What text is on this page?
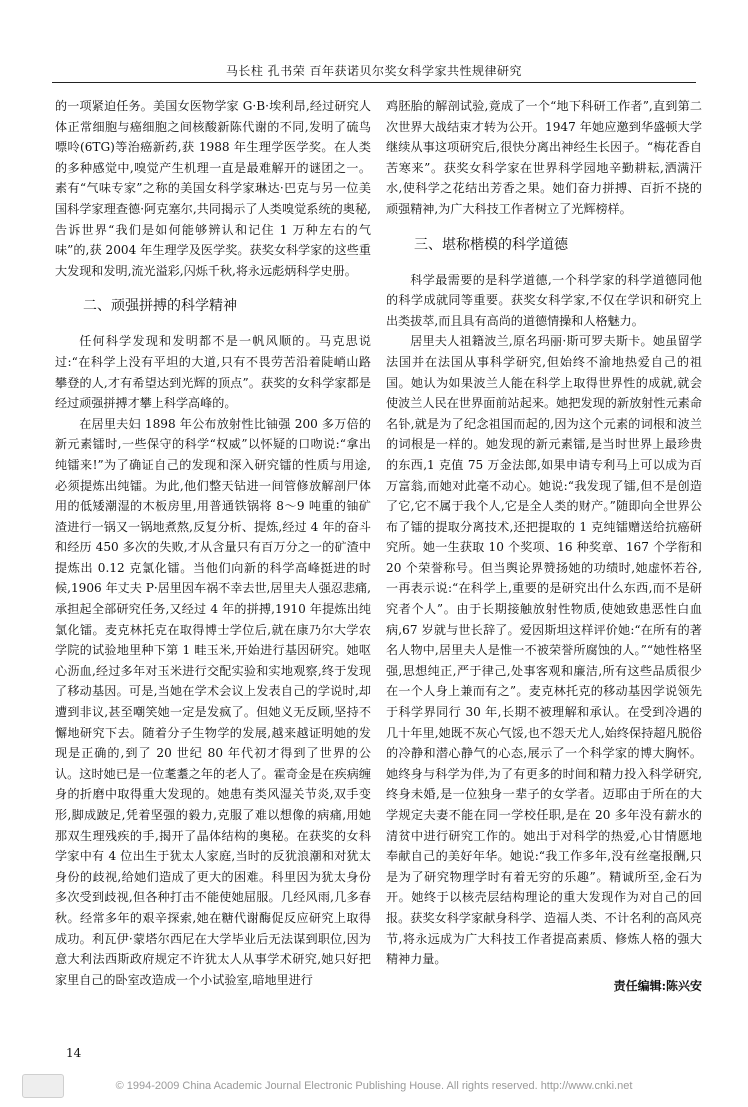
马长柱 孔书荣 百年获诺贝尔奖女科学家共性规律研究

的一项紧迫任务。美国女医物学家 G·B·埃利昂,经过研究人体正常细胞与癌细胞之间核酸新陈代谢的不同,发明了硫鸟嘌呤(6TG)等治癌新药,获 1988 年生理学医学奖。在人类的多种感觉中,嗅觉产生机理一直是最难解开的谜团之一。素有“气味专家”之称的美国女科学家琳达·巴克与另一位美国科学家理查德·阿克塞尔,共同揭示了人类嗅觉系统的奥秘,告诉世界“我们是如何能够辨认和记住 1 万种左右的气味”的,获 2004 年生理学及医学奖。获奖女科学家的这些重大发现和发明,流光溢彩,闪烁千秋,将永远彪炳科学史册。

二、顽强拼搏的科学精神

任何科学发现和发明都不是一帆风顺的。马克思说过:“在科学上没有平坦的大道,只有不畏劳苦沿着陡峭山路攀登的人,才有希望达到光辉的顶点”。获奖的女科学家都是经过顽强拼搏才攀上科学高峰的。

在居里夫妇 1898 年公布放射性比铀强 200 多万倍的新元素镭时,一些保守的科学“权威”以怀疑的口吻说:“拿出纯镭来!”为了确证自己的发现和深入研究镭的性质与用途,必须提炼出纯镭。为此,他们整天钻进一间管修放解剖尸体用的低矮潮湿的木板房里,用普通铁锅将 8～9 吨重的铀矿渣进行一锅又一锅地煮熬,反复分析、提炼,经过 4 年的奋斗和经历 450 多次的失败,才从含量只有百万分之一的矿渣中提炼出 0.12 克氯化镭。当他们向新的科学高峰挺进的时候,1906 年丈夫 P·居里因车祸不幸去世,居里夫人强忍悲痛,承担起全部研究任务,又经过 4 年的拼搏,1910 年提炼出纯氯化镭。麦克林托克在取得博士学位后,就在康乃尔大学农学院的试验地里种下第 1 畦玉米,开始进行基因研究。她呕心沥血,经过多年对玉米进行交配实验和实地观察,终于发现了移动基因。可是,当她在学术会议上发表自己的学说时,却遭到非议,甚至嘲笑她一定是发疯了。但她义无反顾,坚持不懈地研究下去。随着分子生物学的发展,越来越证明她的发现是正确的,到了 20 世纪 80 年代初才得到了世界的公认。这时她已是一位耄耋之年的老人了。霍奇金是在疾病缠身的折磨中取得重大发现的。她患有类风湿关节炎,双手变形,脚成跛足,凭着坚强的毅力,克服了难以想像的病痛,用她那双生理残疾的手,揭开了晶体结构的奥秘。在获奖的女科学家中有 4 位出生于犹太人家庭,当时的反犹浪潮和对犹太身份的歧视,给她们造成了更大的困难。科里因为犹太身份多次受到歧视,但各种打击不能使她屈服。几经风雨,几多春秋。经常多年的艰辛探索,她在糖代谢酶促反应研究上取得成功。利瓦伊·蒙塔尔西尼在大学毕业后无法谋到职位,因为意大利法西斯政府规定不许犹太人从事学术研究,她只好把家里自己的卧室改造成一个小试验室,暗地里进行

鸡胚胎的解剖试验,竟成了一个“地下科研工作者”,直到第二次世界大战结束才转为公开。1947 年她应邀到华盛顿大学继续从事这项研究后,很快分离出神经生长因子。“梅花香自苦寒来”。获奖女科学家在世界科学园地辛勤耕耘,洒满汗水,使科学之花结出芳香之果。她们奋力拼搏、百折不挠的顽强精神,为广大科技工作者树立了光辉榜样。

三、堪称楷模的科学道德

科学最需要的是科学道德,一个科学家的科学道德同他的科学成就同等重要。获奖女科学家,不仅在学识和研究上出类拔萃,而且具有高尚的道德情操和人格魅力。

居里夫人祖籍波兰,原名玛丽·斯可罗夫斯卡。她虽留学法国并在法国从事科学研究,但始终不渝地热爱自己的祖国。她认为如果波兰人能在科学上取得世界性的成就,就会使波兰人民在世界面前站起来。她把发现的新放射性元素命名钋,就是为了纪念祖国而起的,因为这个元素的词根和波兰的词根是一样的。她发现的新元素镭,是当时世界上最珍贵的东西,1 克值 75 万金法郎,如果申请专利马上可以成为百万富翁,而她对此毫不动心。她说:“我发现了镭,但不是创造了它,它不属于我个人,它是全人类的财产。”随即向全世界公布了镭的提取分离技术,还把提取的 1 克纯镭赠送给抗癌研究所。她一生获取 10 个奖项、16 种奖章、167 个学衔和 20 个荣誉称号。但当舆论界赞扬她的功绩时,她虚怀若谷,一再表示说:“在科学上,重要的是研究出什么东西,而不是研究者个人”。由于长期接触放射性物质,使她致患恶性白血病,67 岁就与世长辞了。爱因斯坦这样评价她:“在所有的著名人物中,居里夫人是惟一不被荣誉所腐蚀的人。”“她性格坚强,思想纯正,严于律己,处事客观和廉洁,所有这些品质很少在一个人身上兼而有之”。麦克林托克的移动基因学说领先于科学界同行 30 年,长期不被理解和承认。在受到冷遇的几十年里,她既不灰心气馁,也不怨天尤人,始终保持超凡脱俗的冷静和潜心静气的心态,展示了一个科学家的博大胸怀。她终身与科学为伴,为了有更多的时间和精力投入科学研究,终身未婚,是一位独身一辈子的女学者。迈耶由于所在的大学规定夫妻不能在同一学校任职,是在 20 多年没有薪水的清贫中进行研究工作的。她出于对科学的热爱,心甘情愿地奉献自己的美好年华。她说:“我工作多年,没有丝毫报酬,只是为了研究物理学时有着无穷的乐趣”。精诚所至,金石为开。她终于以核壳层结构理论的重大发现作为对自己的回报。获奖女科学家献身科学、造福人类、不计名利的高风亮节,将永远成为广大科技工作者提高素质、修炼人格的强大精神力量。

责任编辑:陈兴安
14
© 1994-2009 China Academic Journal Electronic Publishing House. All rights reserved. http://www.cnki.net
